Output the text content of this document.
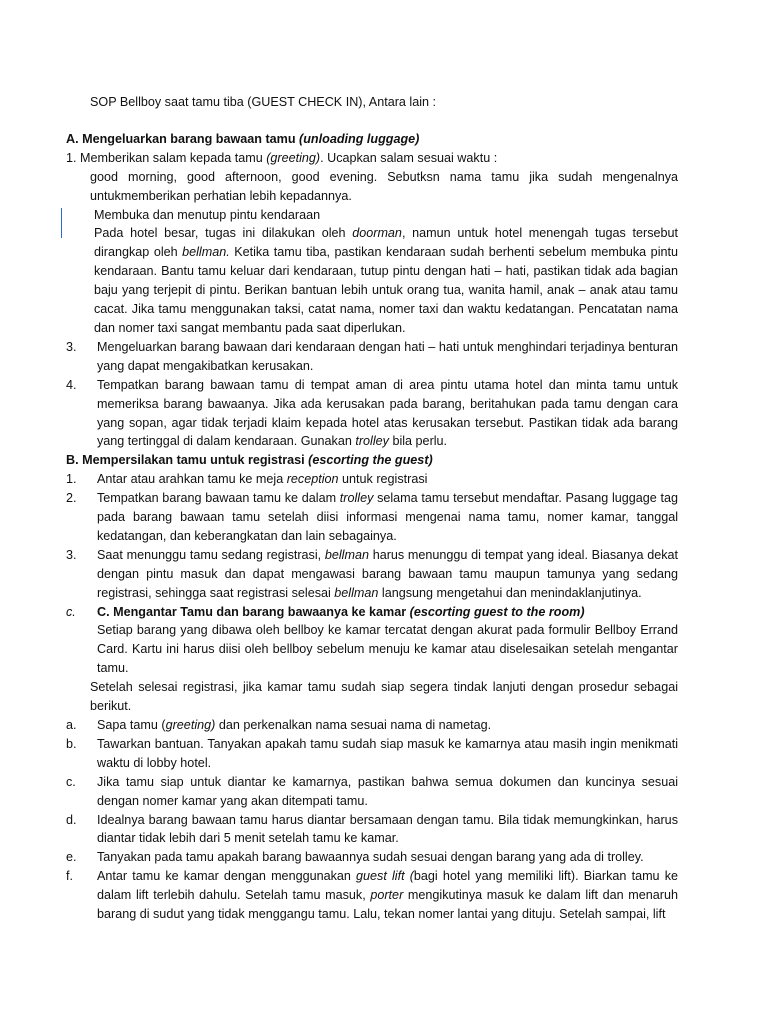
SOP Bellboy saat tamu tiba (GUEST CHECK IN), Antara lain :

A. Mengeluarkan barang bawaan tamu (unloading luggage)

1. Memberikan salam kepada tamu (greeting). Ucapkan salam sesuai waktu :

good morning, good afternoon, good evening. Sebutksn nama tamu jika sudah mengenalnya untukmemberikan perhatian lebih kepadannya.

Membuka dan menutup pintu kendaraan

Pada hotel besar, tugas ini dilakukan oleh doorman, namun untuk hotel menengah tugas tersebut dirangkap oleh bellman. Ketika tamu tiba, pastikan kendaraan sudah berhenti sebelum membuka pintu kendaraan. Bantu tamu keluar dari kendaraan, tutup pintu dengan hati – hati, pastikan tidak ada bagian baju yang terjepit di pintu. Berikan bantuan lebih untuk orang tua, wanita hamil, anak – anak atau tamu cacat. Jika tamu menggunakan taksi, catat nama, nomer taxi dan waktu kedatangan. Pencatatan nama dan nomer taxi sangat membantu pada saat diperlukan.

3.	Mengeluarkan barang bawaan dari kendaraan dengan hati – hati untuk menghindari terjadinya benturan yang dapat mengakibatkan kerusakan.
4.	Tempatkan barang bawaan tamu di tempat aman di area pintu utama hotel dan minta tamu untuk memeriksa barang bawaanya. Jika ada kerusakan pada barang, beritahukan pada tamu dengan cara yang sopan, agar tidak terjadi klaim kepada hotel atas kerusakan tersebut. Pastikan tidak ada barang yang tertinggal di dalam kendaraan. Gunakan trolley bila perlu.

B. Mempersilakan tamu untuk registrasi (escorting the guest)

1.	Antar atau arahkan tamu ke meja reception untuk registrasi
2.	Tempatkan barang bawaan tamu ke dalam trolley selama tamu tersebut mendaftar. Pasang luggage tag pada barang bawaan tamu setelah diisi informasi mengenai nama tamu, nomer kamar, tanggal kedatangan, dan keberangkatan dan lain sebagainya.
3.	Saat menunggu tamu sedang registrasi, bellman harus menunggu di tempat yang ideal. Biasanya dekat dengan pintu masuk dan dapat mengawasi barang bawaan tamu maupun tamunya yang sedang registrasi, sehingga saat registrasi selesai bellman langsung mengetahui dan menindaklanjutinya.
c.	C. Mengantar Tamu dan barang bawaanya ke kamar (escorting guest to the room)

Setiap barang yang dibawa oleh bellboy ke kamar tercatat dengan akurat pada formulir Bellboy Errand Card. Kartu ini harus diisi oleh bellboy sebelum menuju ke kamar atau diselesaikan setelah mengantar tamu.

Setelah selesai registrasi, jika kamar tamu sudah siap segera tindak lanjuti dengan prosedur sebagai berikut.

a.	Sapa tamu (greeting) dan perkenalkan nama sesuai nama di nametag.
b.	Tawarkan bantuan. Tanyakan apakah tamu sudah siap masuk ke kamarnya atau masih ingin menikmati waktu di lobby hotel.
c.	Jika tamu siap untuk diantar ke kamarnya, pastikan bahwa semua dokumen dan kuncinya sesuai dengan nomer kamar yang akan ditempati tamu.
d.	Idealnya barang bawaan tamu harus diantar bersamaan dengan tamu. Bila tidak memungkinkan, harus diantar tidak lebih dari 5 menit setelah tamu ke kamar.
e.	Tanyakan pada tamu apakah barang bawaannya sudah sesuai dengan barang yang ada di trolley.
f.	Antar tamu ke kamar dengan menggunakan guest lift (bagi hotel yang memiliki lift). Biarkan tamu ke dalam lift terlebih dahulu. Setelah tamu masuk, porter mengikutinya masuk ke dalam lift dan menaruh barang di sudut yang tidak menggangu tamu. Lalu, tekan nomer lantai yang dituju. Setelah sampai, lift
